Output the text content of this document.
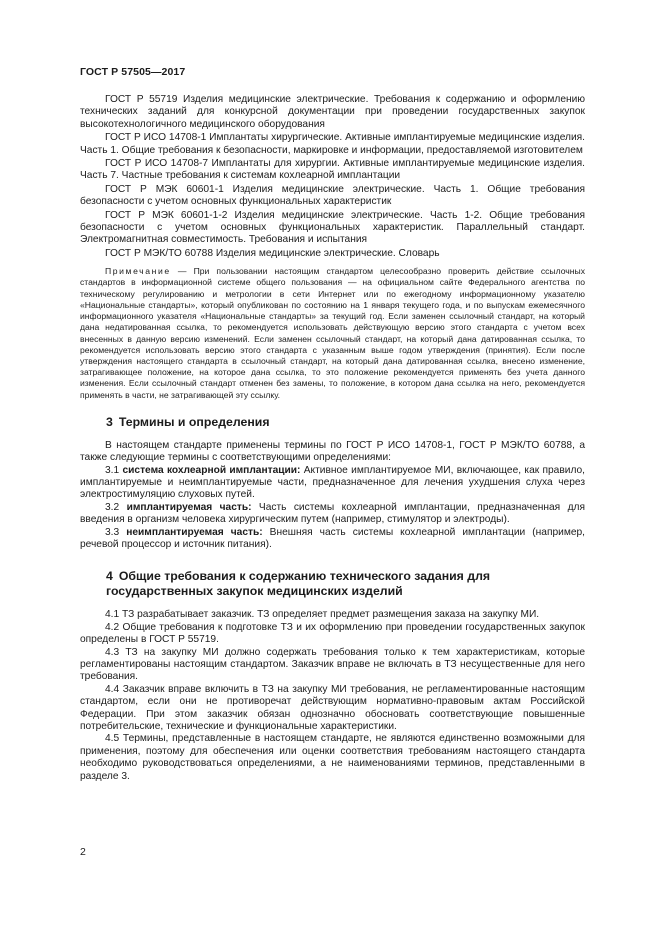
ГОСТ Р 57505—2017

ГОСТ Р 55719 Изделия медицинские электрические. Требования к содержанию и оформлению технических заданий для конкурсной документации при проведении государственных закупок высокотехнологичного медицинского оборудования

ГОСТ Р ИСО 14708-1 Имплантаты хирургические. Активные имплантируемые медицинские изделия. Часть 1. Общие требования к безопасности, маркировке и информации, предоставляемой изготовителем

ГОСТ Р ИСО 14708-7 Имплантаты для хирургии. Активные имплантируемые медицинские изделия. Часть 7. Частные требования к системам кохлеарной имплантации

ГОСТ Р МЭК 60601-1 Изделия медицинские электрические. Часть 1. Общие требования безопасности с учетом основных функциональных характеристик

ГОСТ Р МЭК 60601-1-2 Изделия медицинские электрические. Часть 1-2. Общие требования безопасности с учетом основных функциональных характеристик. Параллельный стандарт. Электромагнитная совместимость. Требования и испытания

ГОСТ Р МЭК/ТО 60788 Изделия медицинские электрические. Словарь

Примечание — При пользовании настоящим стандартом целесообразно проверить действие ссылочных стандартов в информационной системе общего пользования — на официальном сайте Федерального агентства по техническому регулированию и метрологии в сети Интернет или по ежегодному информационному указателю «Национальные стандарты», который опубликован по состоянию на 1 января текущего года, и по выпускам ежемесячного информационного указателя «Национальные стандарты» за текущий год. Если заменен ссылочный стандарт, на который дана недатированная ссылка, то рекомендуется использовать действующую версию этого стандарта с учетом всех внесенных в данную версию изменений. Если заменен ссылочный стандарт, на который дана датированная ссылка, то рекомендуется использовать версию этого стандарта с указанным выше годом утверждения (принятия). Если после утверждения настоящего стандарта в ссылочный стандарт, на который дана датированная ссылка, внесено изменение, затрагивающее положение, на которое дана ссылка, то это положение рекомендуется применять без учета данного изменения. Если ссылочный стандарт отменен без замены, то положение, в котором дана ссылка на него, рекомендуется применять в части, не затрагивающей эту ссылку.

3 Термины и определения

В настоящем стандарте применены термины по ГОСТ Р ИСО 14708-1, ГОСТ Р МЭК/ТО 60788, а также следующие термины с соответствующими определениями:

3.1 система кохлеарной имплантации: Активное имплантируемое МИ, включающее, как правило, имплантируемые и неимплантируемые части, предназначенное для лечения ухудшения слуха через электростимуляцию слуховых путей.

3.2 имплантируемая часть: Часть системы кохлеарной имплантации, предназначенная для введения в организм человека хирургическим путем (например, стимулятор и электроды).

3.3 неимплантируемая часть: Внешняя часть системы кохлеарной имплантации (например, речевой процессор и источник питания).

4 Общие требования к содержанию технического задания для
государственных закупок медицинских изделий

4.1 ТЗ разрабатывает заказчик. ТЗ определяет предмет размещения заказа на закупку МИ.

4.2 Общие требования к подготовке ТЗ и их оформлению при проведении государственных закупок определены в ГОСТ Р 55719.

4.3 ТЗ на закупку МИ должно содержать требования только к тем характеристикам, которые регламентированы настоящим стандартом. Заказчик вправе не включать в ТЗ несущественные для него требования.

4.4 Заказчик вправе включить в ТЗ на закупку МИ требования, не регламентированные настоящим стандартом, если они не противоречат действующим нормативно-правовым актам Российской Федерации. При этом заказчик обязан однозначно обосновать соответствующие повышенные потребительские, технические и функциональные характеристики.

4.5 Термины, представленные в настоящем стандарте, не являются единственно возможными для применения, поэтому для обеспечения или оценки соответствия требованиям настоящего стандарта необходимо руководствоваться определениями, а не наименованиями терминов, представленными в разделе 3.

2
